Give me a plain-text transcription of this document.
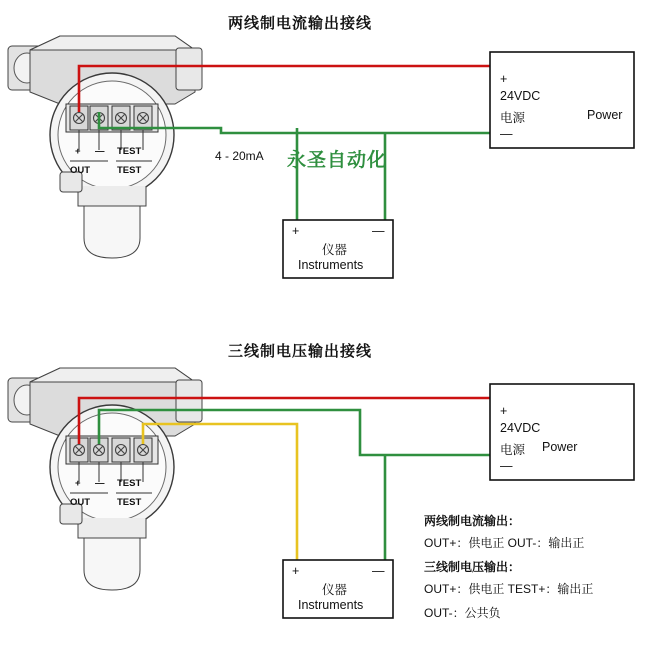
两线制电流输出接线
三线制电压输出接线
+ — TEST
OUT	TEST
+
24VDC
电源	Power
—
+	—
仪器
Instruments
4 - 20mA 永圣自动化
+ — TEST
OUT	TEST
+
24VDC
电源 Power
—
+	—
仪器
Instruments
两线制电流输出：
OUT+：供电正 OUT-：输出正
三线制电压输出：
OUT+：供电正 TEST+：输出正
OUT-：公共负
